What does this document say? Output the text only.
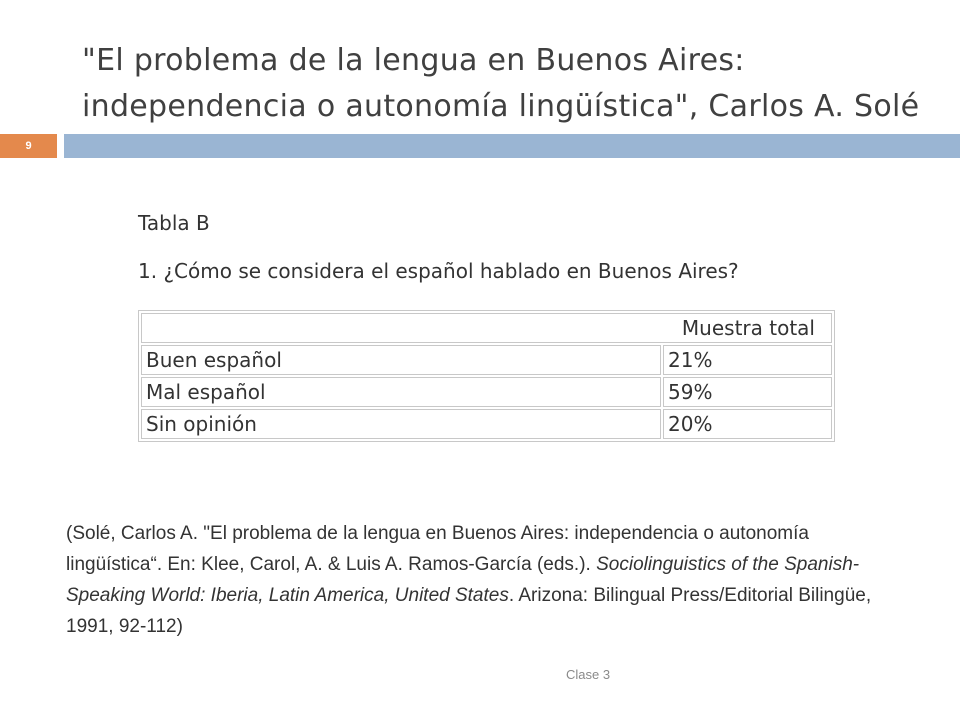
"El problema de la lengua en Buenos Aires:
independencia o autonomía lingüística", Carlos A. Solé
9
Tabla B
1. ¿Cómo se considera el español hablado en Buenos Aires?
Muestra total	
Buen español	21%
Mal español	59%
Sin opinión	20%
(Solé, Carlos A. "El problema de la lengua en Buenos Aires: independencia o autonomía lingüística“. En: Klee, Carol, A. & Luis A. Ramos-García (eds.). Sociolinguistics of the Spanish-Speaking World: Iberia, Latin America, United States. Arizona: Bilingual Press/Editorial Bilingüe, 1991, 92-112)
Clase 3
